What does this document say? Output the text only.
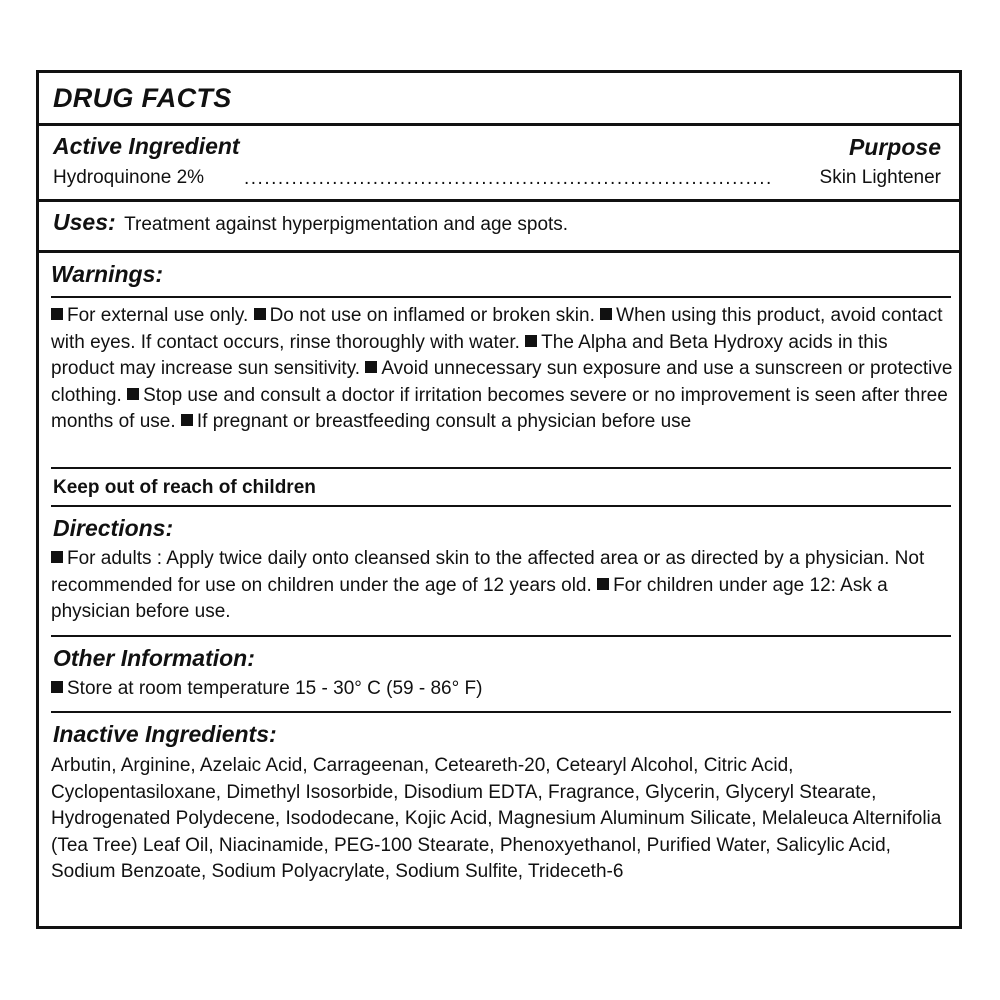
DRUG FACTS
Active Ingredient	Purpose
Hydroquinone 2% .............................................................................. Skin Lightener
Uses: Treatment against hyperpigmentation and age spots.
Warnings:
For external use only. Do not use on inflamed or broken skin. When using this product, avoid contact with eyes. If contact occurs, rinse thoroughly with water. The Alpha and Beta Hydroxy acids in this product may increase sun sensitivity. Avoid unnecessary sun exposure and use a sunscreen or protective clothing. Stop use and consult a doctor if irritation becomes severe or no improvement is seen after three months of use. If pregnant or breastfeeding consult a physician before use
Keep out of reach of children
Directions:
For adults : Apply twice daily onto cleansed skin to the affected area or as directed by a physician. Not recommended for use on children under the age of 12 years old. For children under age 12: Ask a physician before use.
Other Information:
Store at room temperature 15 - 30° C (59 - 86° F)
Inactive Ingredients:
Arbutin, Arginine, Azelaic Acid, Carrageenan, Ceteareth-20, Cetearyl Alcohol, Citric Acid, Cyclopentasiloxane, Dimethyl Isosorbide, Disodium EDTA, Fragrance, Glycerin, Glyceryl Stearate, Hydrogenated Polydecene, Isododecane, Kojic Acid, Magnesium Aluminum Silicate, Melaleuca Alternifolia (Tea Tree) Leaf Oil, Niacinamide, PEG-100 Stearate, Phenoxyethanol, Purified Water, Salicylic Acid, Sodium Benzoate, Sodium Polyacrylate, Sodium Sulfite, Trideceth-6
